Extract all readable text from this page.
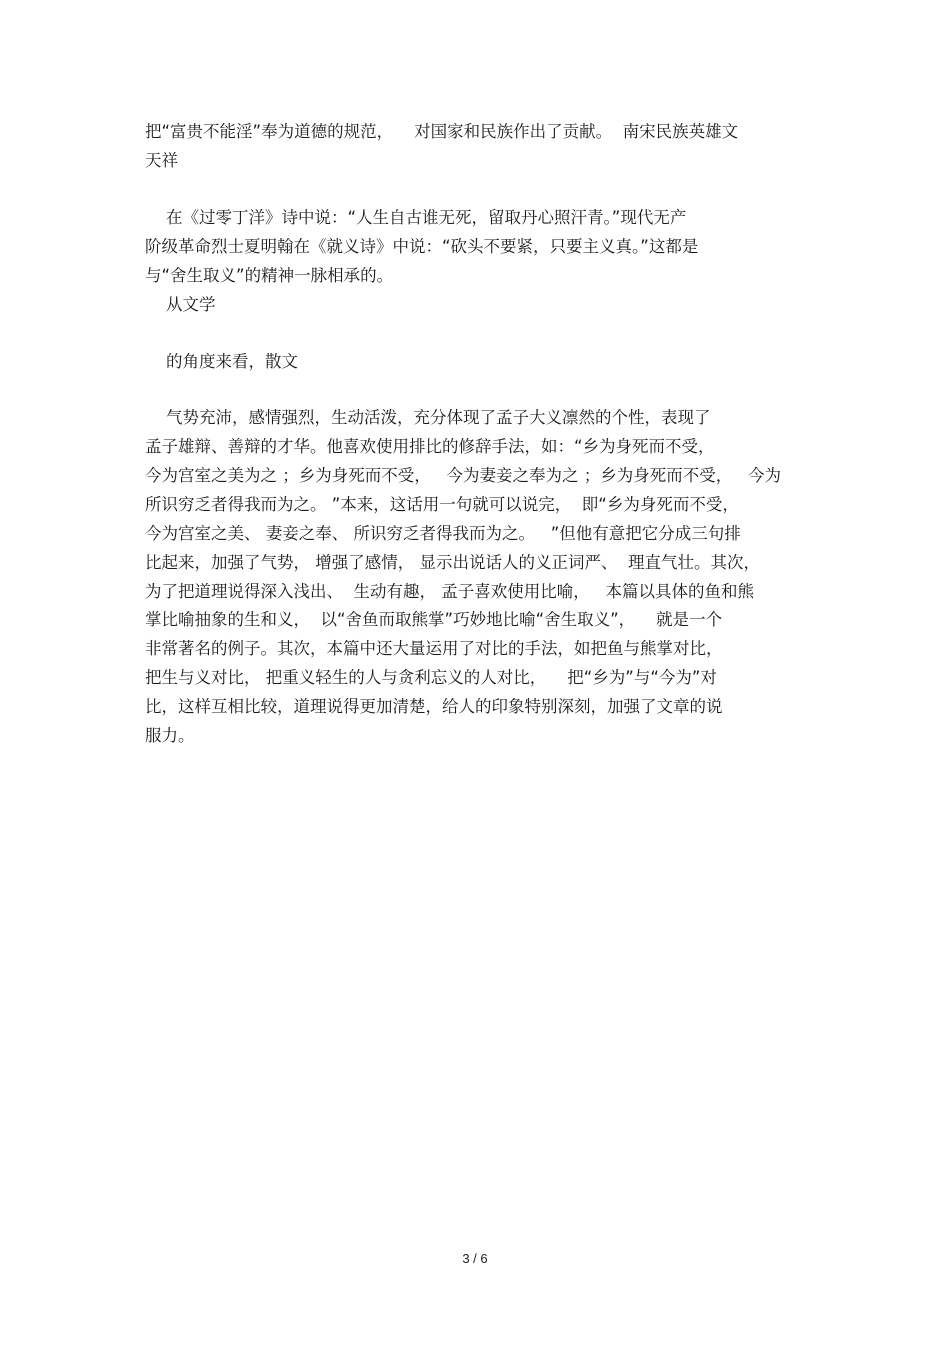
把“富贵不能淫”奉为道德的规范，    对国家和民族作出了贡献。  南宋民族英雄文
天祥
在《过零丁洋》诗中说：“人生自古谁无死，留取丹心照汗青。”现代无产
阶级革命烈士夏明翰在《就义诗》中说：“砍头不要紧，只要主义真。”这都是
与“舍生取义”的精神一脉相承的。
从文学
的角度来看，散文
气势充沛，感情强烈，生动活泼，充分体现了孟子大义凛然的个性，表现了
孟子雄辩、善辩的才华。他喜欢使用排比的修辞手法，如：“乡为身死而不受，
今为宫室之美为之 ；乡为身死而不受，   今为妻妾之奉为之 ；乡为身死而不受，   今为
所识穷乏者得我而为之。 ”本来，这话用一句就可以说完，  即“乡为身死而不受，
今为宫室之美、 妻妾之奉、 所识穷乏者得我而为之。   ”但他有意把它分成三句排
比起来，加强了气势， 增强了感情， 显示出说话人的义正词严、  理直气壮。其次，
为了把道理说得深入浅出、  生动有趣， 孟子喜欢使用比喻，   本篇以具体的鱼和熊
掌比喻抽象的生和义，  以“舍鱼而取熊掌”巧妙地比喻“舍生取义”，    就是一个
非常著名的例子。其次，本篇中还大量运用了对比的手法，如把鱼与熊掌对比，
把生与义对比， 把重义轻生的人与贪利忘义的人对比，    把“乡为”与“今为”对
比，这样互相比较，道理说得更加清楚，给人的印象特别深刻，加强了文章的说
服力。
3 / 6
